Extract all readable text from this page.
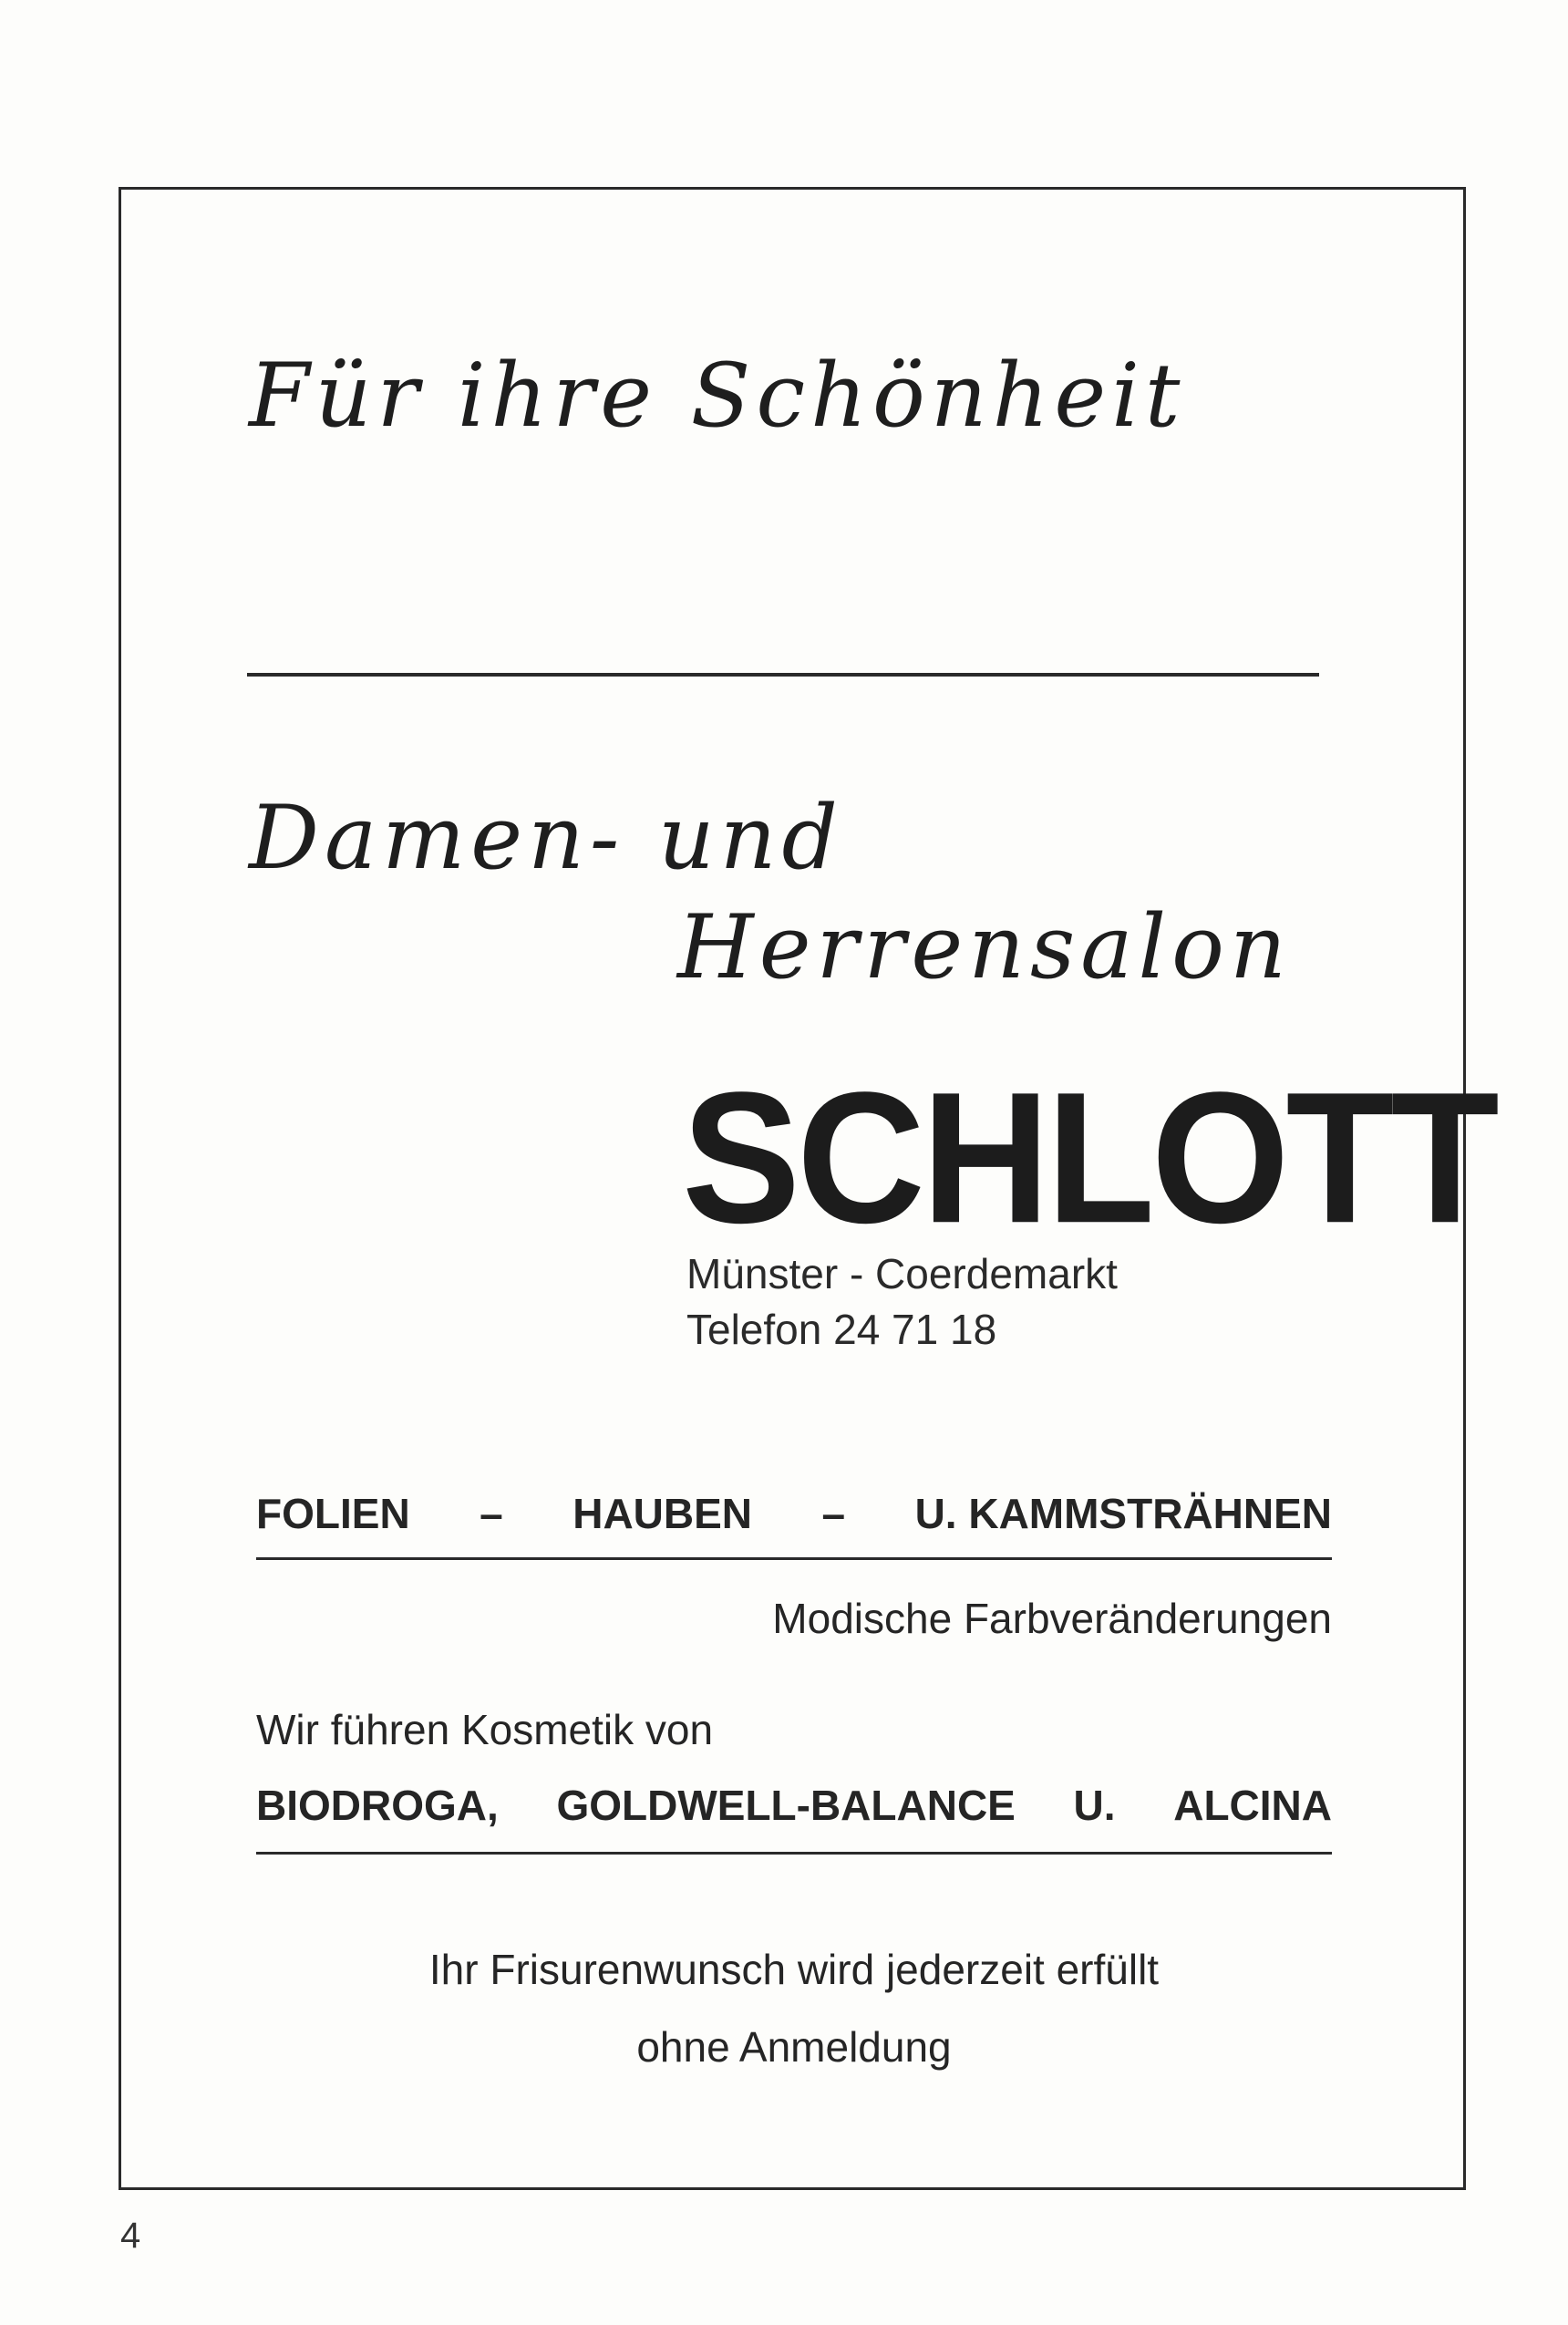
Für ihre Schönheit

Damen- und

Herrensalon

SCHLOTT

Münster - Coerdemarkt

Telefon 24 71 18

FOLIEN – HAUBEN – U. KAMMSTRÄHNEN

Modische Farbveränderungen

Wir führen Kosmetik von

BIODROGA, GOLDWELL-BALANCE U. ALCINA

Ihr Frisurenwunsch wird jederzeit erfüllt

ohne Anmeldung

4
